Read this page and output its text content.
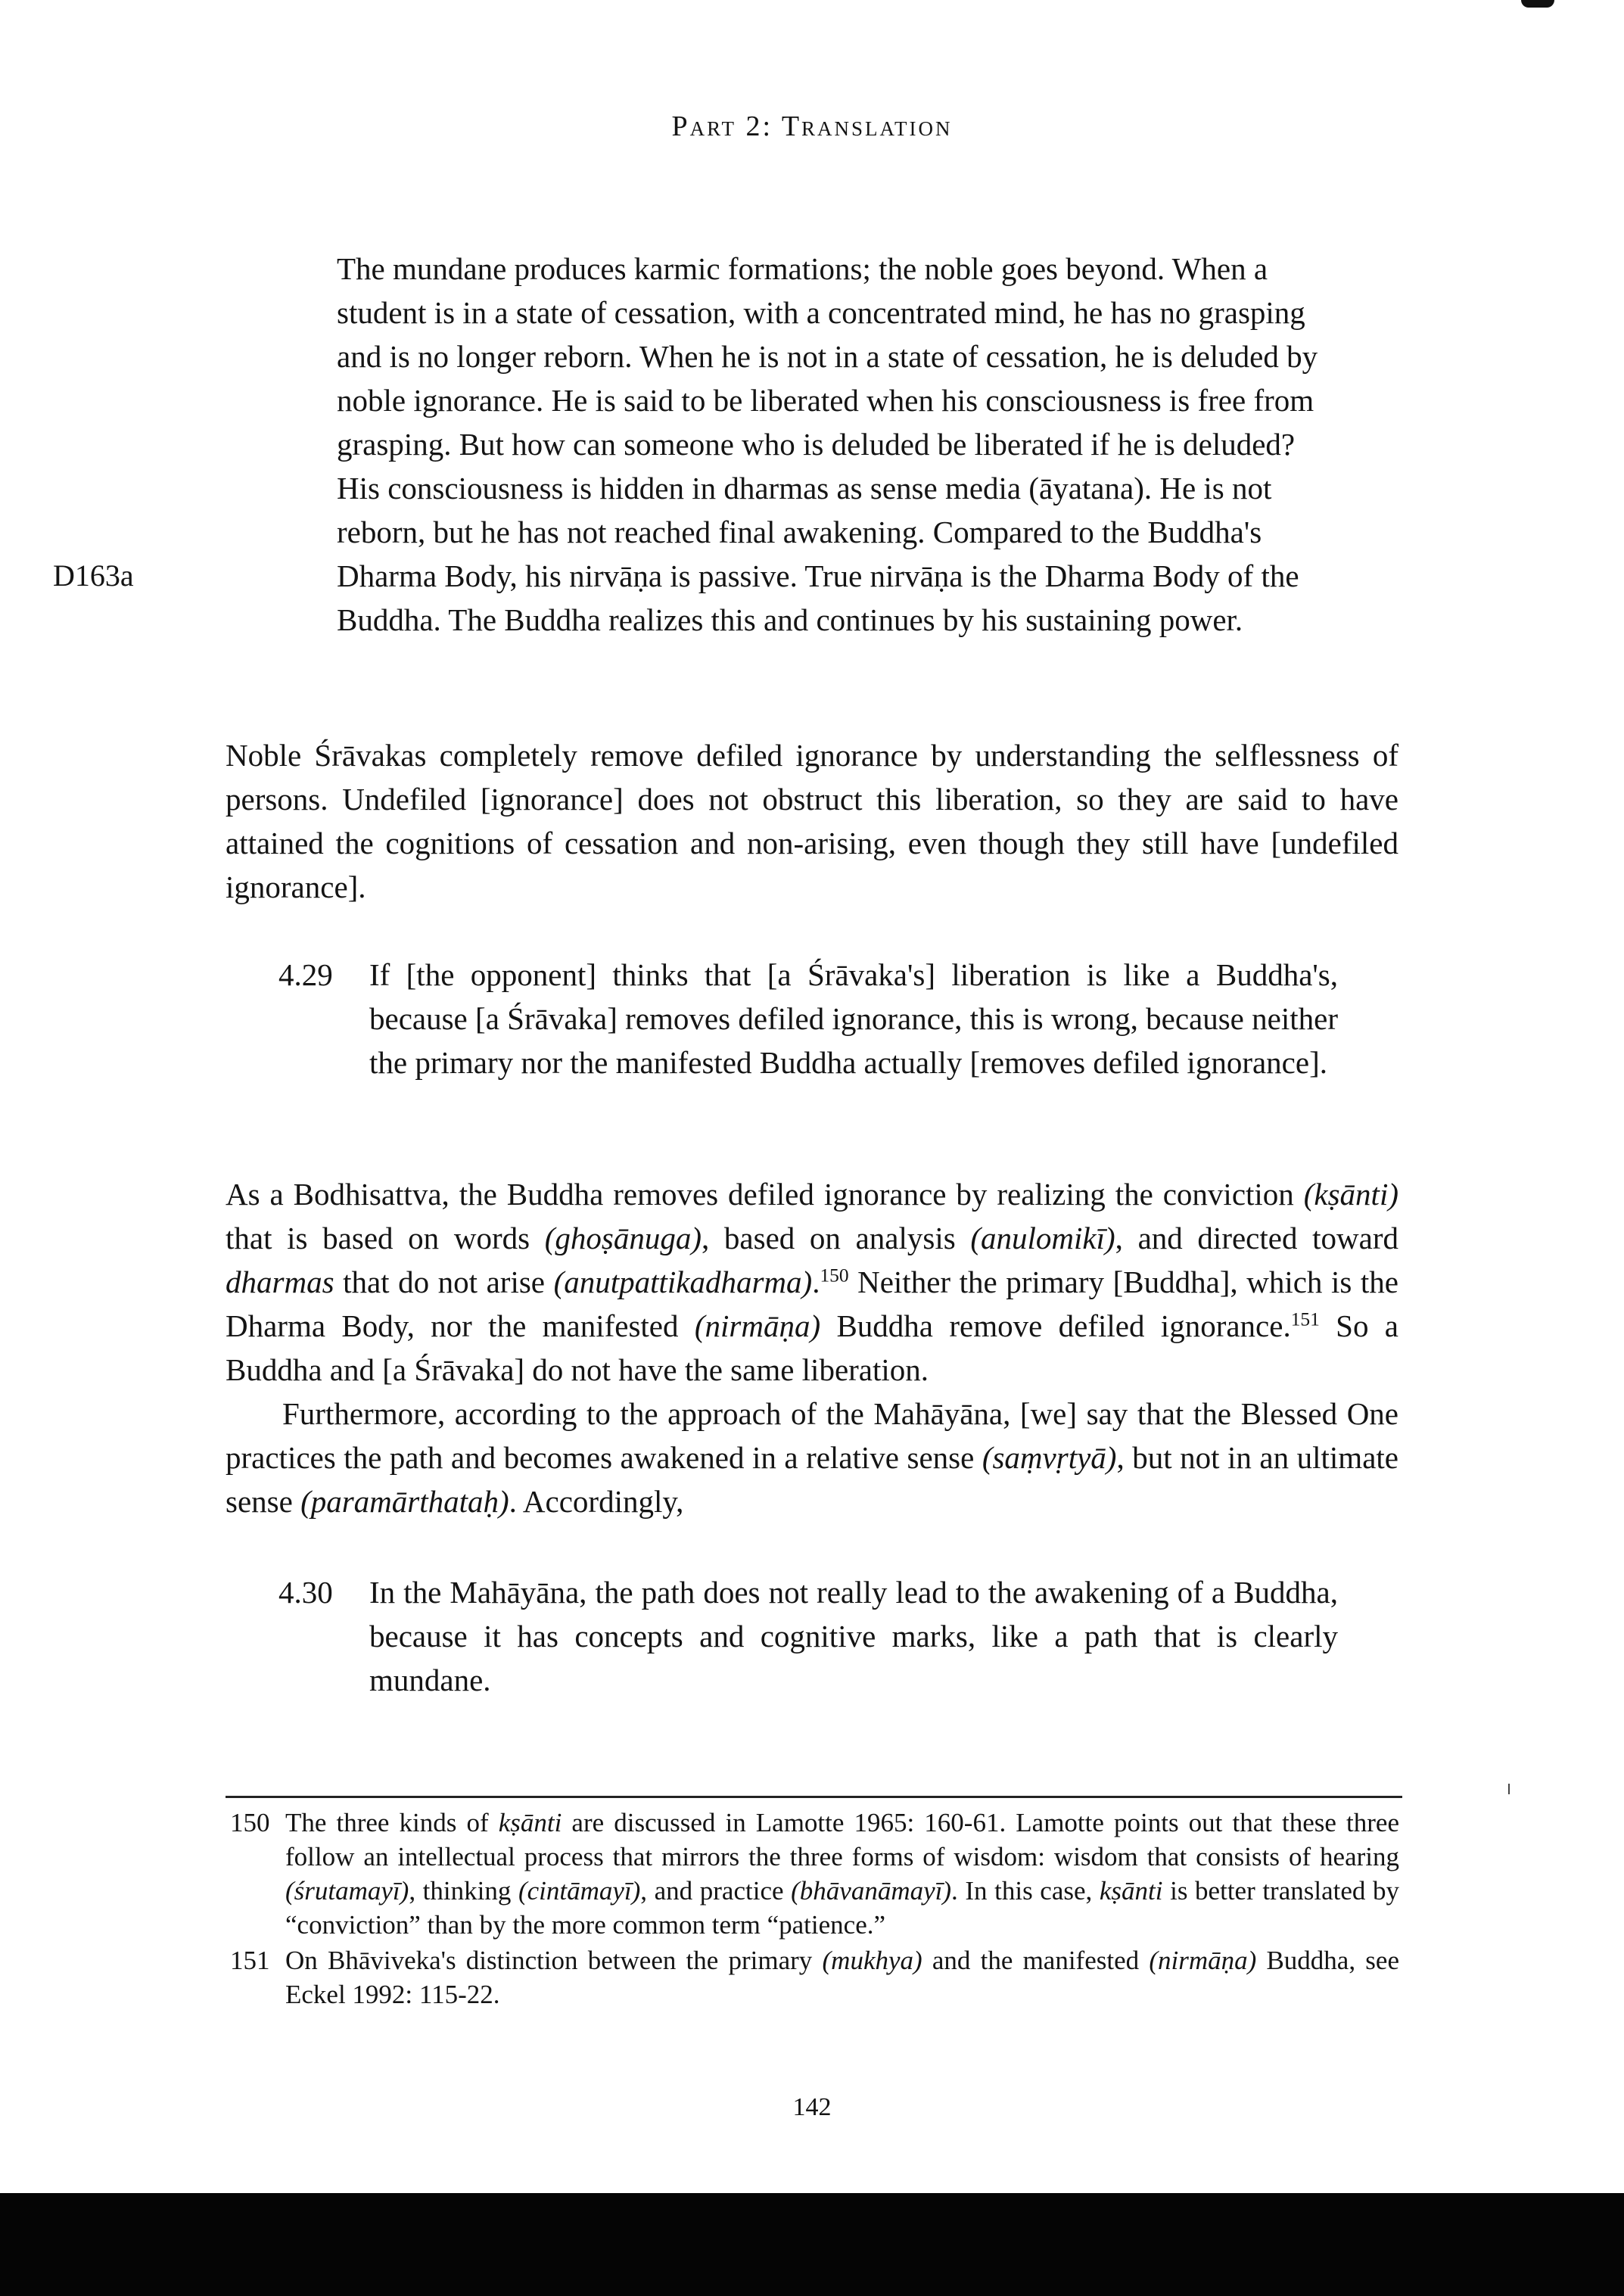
Part 2: Translation
D163a

The mundane produces karmic formations; the noble goes beyond. When a student is in a state of cessation, with a concentrated mind, he has no grasping and is no longer reborn. When he is not in a state of cessation, he is deluded by noble ignorance. He is said to be liberated when his consciousness is free from grasping. But how can someone who is deluded be liberated if he is deluded? His consciousness is hidden in dharmas as sense media (āyatana). He is not reborn, but he has not reached final awakening. Compared to the Buddha's Dharma Body, his nirvāṇa is passive. True nirvāṇa is the Dharma Body of the Buddha. The Buddha realizes this and continues by his sustaining power.

Noble Śrāvakas completely remove defiled ignorance by understanding the selflessness of persons. Undefiled [ignorance] does not obstruct this liberation, so they are said to have attained the cognitions of cessation and non-arising, even though they still have [undefiled ignorance].

4.29 If [the opponent] thinks that [a Śrāvaka's] liberation is like a Buddha's, because [a Śrāvaka] removes defiled ignorance, this is wrong, because neither the primary nor the manifested Buddha actually [removes defiled ignorance].

As a Bodhisattva, the Buddha removes defiled ignorance by realizing the conviction (kṣānti) that is based on words (ghoṣānuga), based on analysis (anulomikī), and directed toward dharmas that do not arise (anutpattikadharma).$^{150}$ Neither the primary [Buddha], which is the Dharma Body, nor the manifested (nirmāṇa) Buddha remove defiled ignorance.$^{151}$ So a Buddha and [a Śrāvaka] do not have the same liberation.

Furthermore, according to the approach of the Mahāyāna, [we] say that the Blessed One practices the path and becomes awakened in a relative sense (saṃvṛtyā), but not in an ultimate sense (paramārthataḥ). Accordingly,

4.30 In the Mahāyāna, the path does not really lead to the awakening of a Buddha, because it has concepts and cognitive marks, like a path that is clearly mundane.

150 The three kinds of kṣānti are discussed in Lamotte 1965: 160-61. Lamotte points out that these three follow an intellectual process that mirrors the three forms of wisdom: wisdom that consists of hearing (śrutamayī), thinking (cintāmayī), and practice (bhāvanāmayī). In this case, kṣānti is better translated by “conviction” than by the more common term “patience.”

151 On Bhāviveka's distinction between the primary (mukhya) and the manifested (nirmāṇa) Buddha, see Eckel 1992: 115-22.

142
